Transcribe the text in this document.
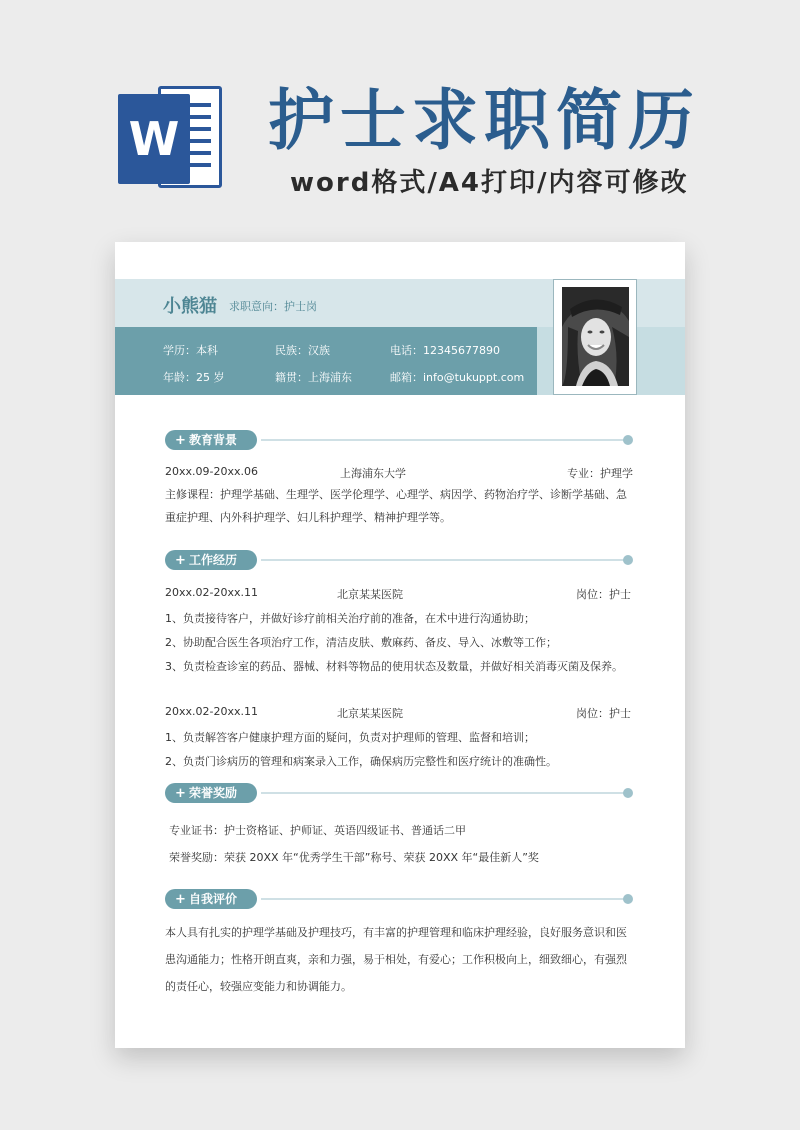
W 护士求职简历
word格式/A4打印/内容可修改
小熊猫 求职意向：护士岗
学历：本科	民族：汉族	电话：12345677890
年龄：25 岁	籍贯：上海浦东	邮箱：info@tukuppt.com
+ 教育背景
20xx.09-20xx.06	上海浦东大学	专业：护理学
主修课程：护理学基础、生理学、医学伦理学、心理学、病因学、药物治疗学、诊断学基础、急重症护理、内外科护理学、妇儿科护理学、精神护理学等。
+ 工作经历
20xx.02-20xx.11	北京某某医院	岗位：护士
1、负责接待客户，并做好诊疗前相关治疗前的准备，在术中进行沟通协助；
2、协助配合医生各项治疗工作，清洁皮肤、敷麻药、备皮、导入、冰敷等工作；
3、负责检查诊室的药品、器械、材料等物品的使用状态及数量，并做好相关消毒灭菌及保养。
20xx.02-20xx.11	北京某某医院	岗位：护士
1、负责解答客户健康护理方面的疑问，负责对护理师的管理、监督和培训；
2、负责门诊病历的管理和病案录入工作，确保病历完整性和医疗统计的准确性。
+ 荣誉奖励
专业证书：护士资格证、护师证、英语四级证书、普通话二甲
荣誉奖励：荣获 20XX 年“优秀学生干部”称号、荣获 20XX 年“最佳新人”奖
+ 自我评价
本人具有扎实的护理学基础及护理技巧，有丰富的护理管理和临床护理经验，良好服务意识和医患沟通能力；性格开朗直爽，亲和力强，易于相处，有爱心；工作积极向上，细致细心，有强烈的责任心，较强应变能力和协调能力。
